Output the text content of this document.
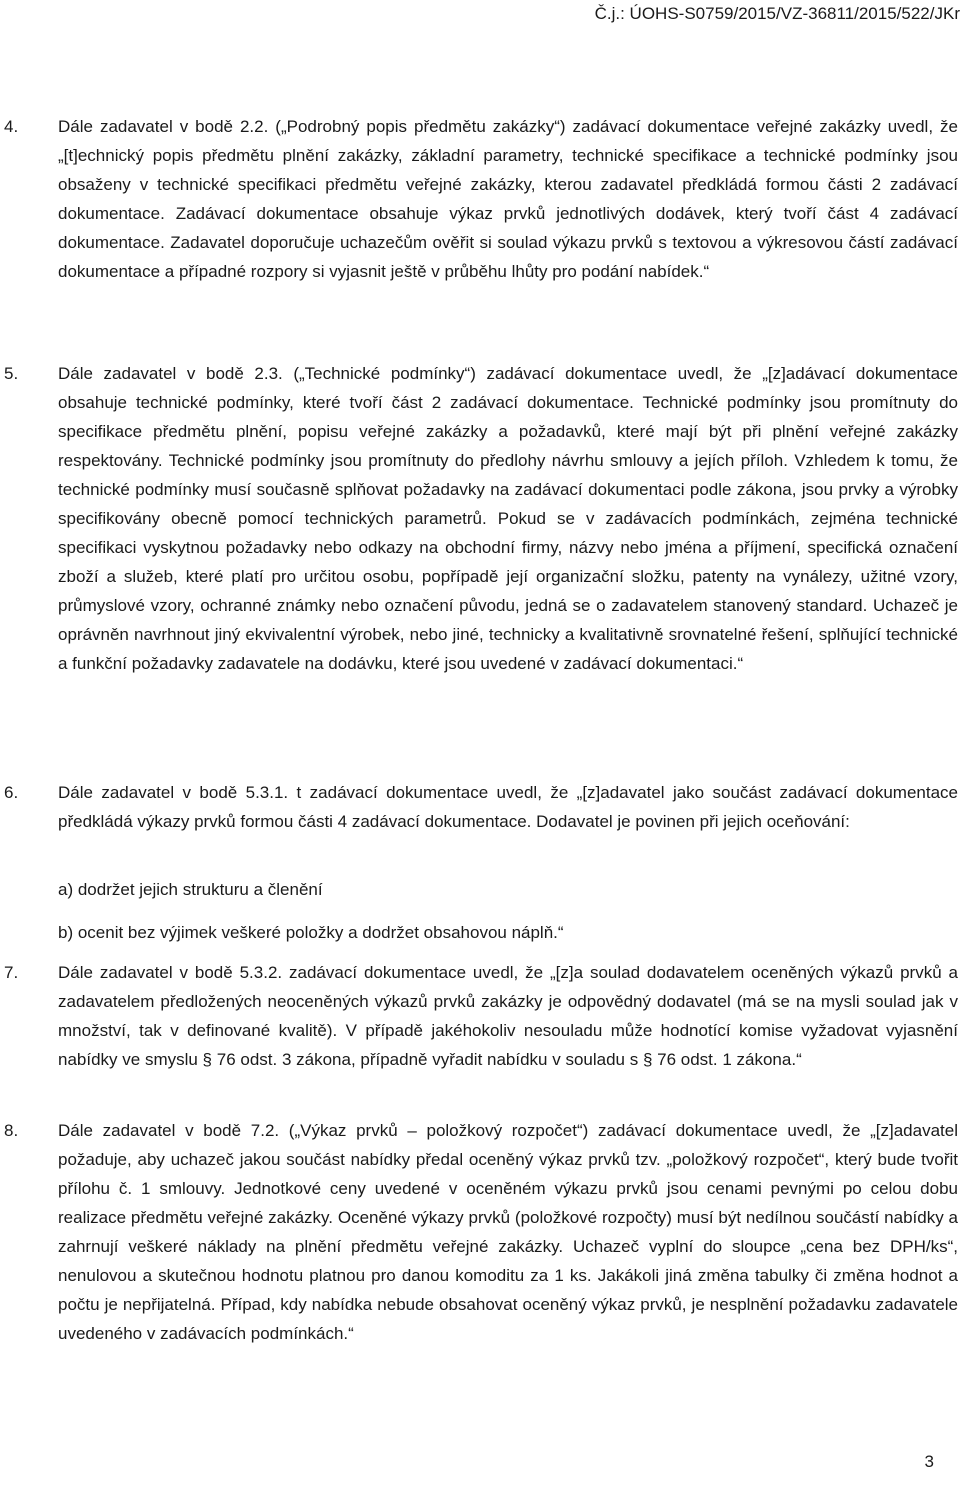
Č.j.: ÚOHS-S0759/2015/VZ-36811/2015/522/JKr
4. Dále zadavatel v bodě 2.2. („Podrobný popis předmětu zakázky“) zadávací dokumentace veřejné zakázky uvedl, že „[t]echnický popis předmětu plnění zakázky, základní parametry, technické specifikace a technické podmínky jsou obsaženy v technické specifikaci předmětu veřejné zakázky, kterou zadavatel předkládá formou části 2 zadávací dokumentace. Zadávací dokumentace obsahuje výkaz prvků jednotlivých dodávek, který tvoří část 4 zadávací dokumentace. Zadavatel doporučuje uchazečům ověřit si soulad výkazu prvků s textovou a výkresovou částí zadávací dokumentace a případné rozpory si vyjasnit ještě v průběhu lhůty pro podání nabídek.“
5. Dále zadavatel v bodě 2.3. („Technické podmínky“) zadávací dokumentace uvedl, že „[z]adávací dokumentace obsahuje technické podmínky, které tvoří část 2 zadávací dokumentace. Technické podmínky jsou promítnuty do specifikace předmětu plnění, popisu veřejné zakázky a požadavků, které mají být při plnění veřejné zakázky respektovány. Technické podmínky jsou promítnuty do předlohy návrhu smlouvy a jejích příloh. Vzhledem k tomu, že technické podmínky musí současně splňovat požadavky na zadávací dokumentaci podle zákona, jsou prvky a výrobky specifikovány obecně pomocí technických parametrů. Pokud se v zadávacích podmínkách, zejména technické specifikaci vyskytnou požadavky nebo odkazy na obchodní firmy, názvy nebo jména a příjmení, specifická označení zboží a služeb, které platí pro určitou osobu, popřípadě její organizační složku, patenty na vynálezy, užitné vzory, průmyslové vzory, ochranné známky nebo označení původu, jedná se o zadavatelem stanovený standard. Uchazeč je oprávněn navrhnout jiný ekvivalentní výrobek, nebo jiné, technicky a kvalitativně srovnatelné řešení, splňující technické a funkční požadavky zadavatele na dodávku, které jsou uvedené v zadávací dokumentaci.“
6. Dále zadavatel v bodě 5.3.1. t zadávací dokumentace uvedl, že „[z]adavatel jako součást zadávací dokumentace předkládá výkazy prvků formou části 4 zadávací dokumentace. Dodavatel je povinen při jejich oceňování:
a) dodržet jejich strukturu a členění
b) ocenit bez výjimek veškeré položky a dodržet obsahovou náplň.“
7. Dále zadavatel v bodě 5.3.2. zadávací dokumentace uvedl, že „[z]a soulad dodavatelem oceněných výkazů prvků a zadavatelem předložených neoceněných výkazů prvků zakázky je odpovědný dodavatel (má se na mysli soulad jak v množství, tak v definované kvalitě). V případě jakéhokoliv nesouladu může hodnotící komise vyžadovat vyjasnění nabídky ve smyslu § 76 odst. 3 zákona, případně vyřadit nabídku v souladu s § 76 odst. 1 zákona.“
8. Dále zadavatel v bodě 7.2. („Výkaz prvků – položkový rozpočet“) zadávací dokumentace uvedl, že „[z]adavatel požaduje, aby uchazeč jakou součást nabídky předal oceněný výkaz prvků tzv. „položkový rozpočet“, který bude tvořit přílohu č. 1 smlouvy. Jednotkové ceny uvedené v oceněném výkazu prvků jsou cenami pevnými po celou dobu realizace předmětu veřejné zakázky. Oceněné výkazy prvků (položkové rozpočty) musí být nedílnou součástí nabídky a zahrnují veškeré náklady na plnění předmětu veřejné zakázky. Uchazeč vyplní do sloupce „cena bez DPH/ks“, nenulovou a skutečnou hodnotu platnou pro danou komoditu za 1 ks. Jakákoli jiná změna tabulky či změna hodnot a počtu je nepřijatelná. Případ, kdy nabídka nebude obsahovat oceněný výkaz prvků, je nesplnění požadavku zadavatele uvedeného v zadávacích podmínkách.“
3
